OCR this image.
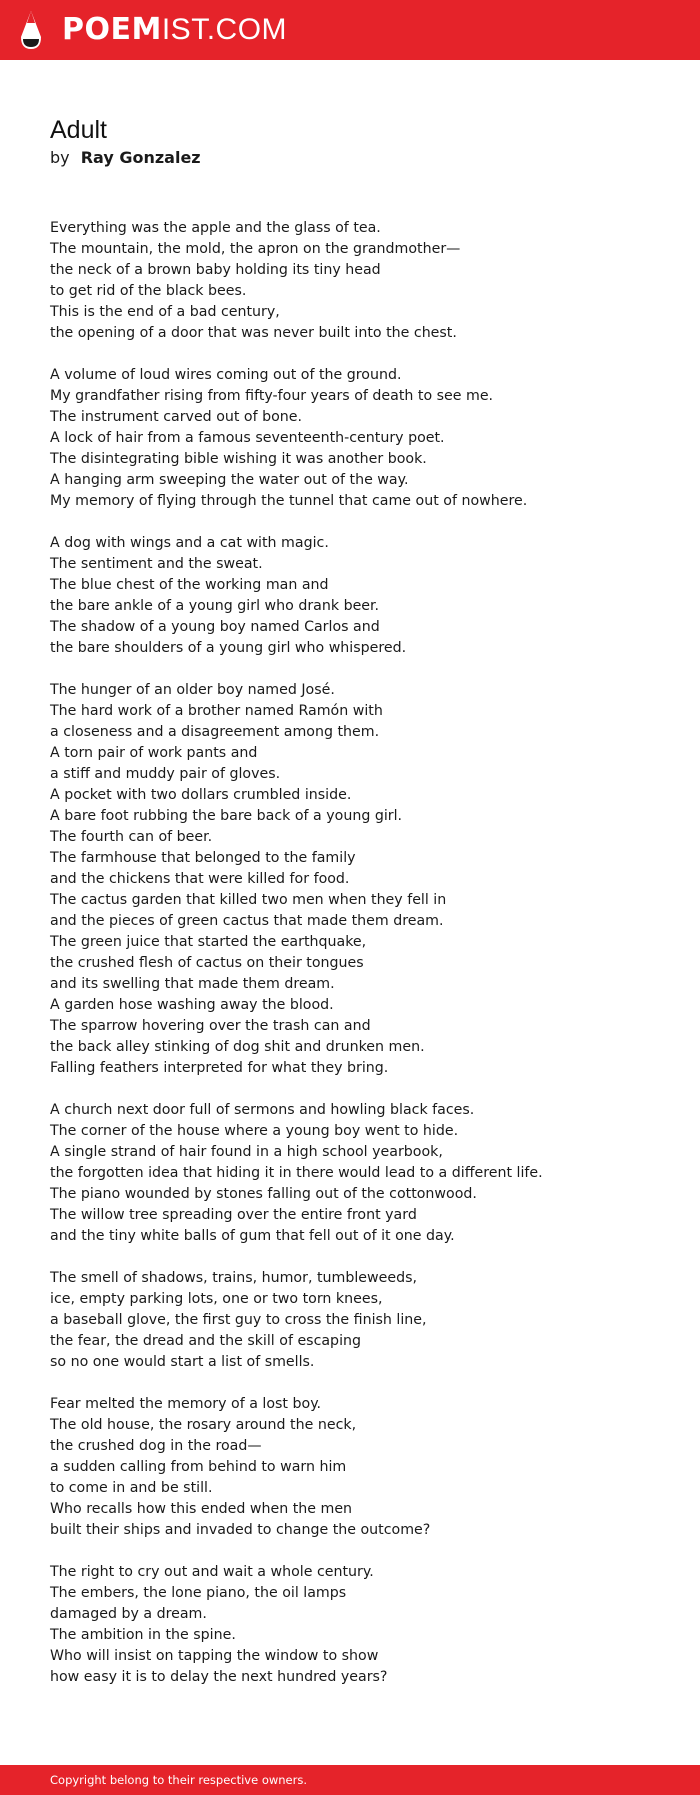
POEM IST.COM
Adult
by Ray Gonzalez
Everything was the apple and the glass of tea.
The mountain, the mold, the apron on the grandmother—
the neck of a brown baby holding its tiny head
to get rid of the black bees.
This is the end of a bad century,
the opening of a door that was never built into the chest.
A volume of loud wires coming out of the ground.
My grandfather rising from fifty-four years of death to see me.
The instrument carved out of bone.
A lock of hair from a famous seventeenth-century poet.
The disintegrating bible wishing it was another book.
A hanging arm sweeping the water out of the way.
My memory of flying through the tunnel that came out of nowhere.
A dog with wings and a cat with magic.
The sentiment and the sweat.
The blue chest of the working man and
the bare ankle of a young girl who drank beer.
The shadow of a young boy named Carlos and
the bare shoulders of a young girl who whispered.
The hunger of an older boy named José.
The hard work of a brother named Ramón with
a closeness and a disagreement among them.
A torn pair of work pants and
a stiff and muddy pair of gloves.
A pocket with two dollars crumbled inside.
A bare foot rubbing the bare back of a young girl.
The fourth can of beer.
The farmhouse that belonged to the family
and the chickens that were killed for food.
The cactus garden that killed two men when they fell in
and the pieces of green cactus that made them dream.
The green juice that started the earthquake,
the crushed flesh of cactus on their tongues
and its swelling that made them dream.
A garden hose washing away the blood.
The sparrow hovering over the trash can and
the back alley stinking of dog shit and drunken men.
Falling feathers interpreted for what they bring.
A church next door full of sermons and howling black faces.
The corner of the house where a young boy went to hide.
A single strand of hair found in a high school yearbook,
the forgotten idea that hiding it in there would lead to a different life.
The piano wounded by stones falling out of the cottonwood.
The willow tree spreading over the entire front yard
and the tiny white balls of gum that fell out of it one day.
The smell of shadows, trains, humor, tumbleweeds,
ice, empty parking lots, one or two torn knees,
a baseball glove, the first guy to cross the finish line,
the fear, the dread and the skill of escaping
so no one would start a list of smells.
Fear melted the memory of a lost boy.
The old house, the rosary around the neck,
the crushed dog in the road—
a sudden calling from behind to warn him
to come in and be still.
Who recalls how this ended when the men
built their ships and invaded to change the outcome?
The right to cry out and wait a whole century.
The embers, the lone piano, the oil lamps
damaged by a dream.
The ambition in the spine.
Who will insist on tapping the window to show
how easy it is to delay the next hundred years?
Copyright belong to their respective owners.
